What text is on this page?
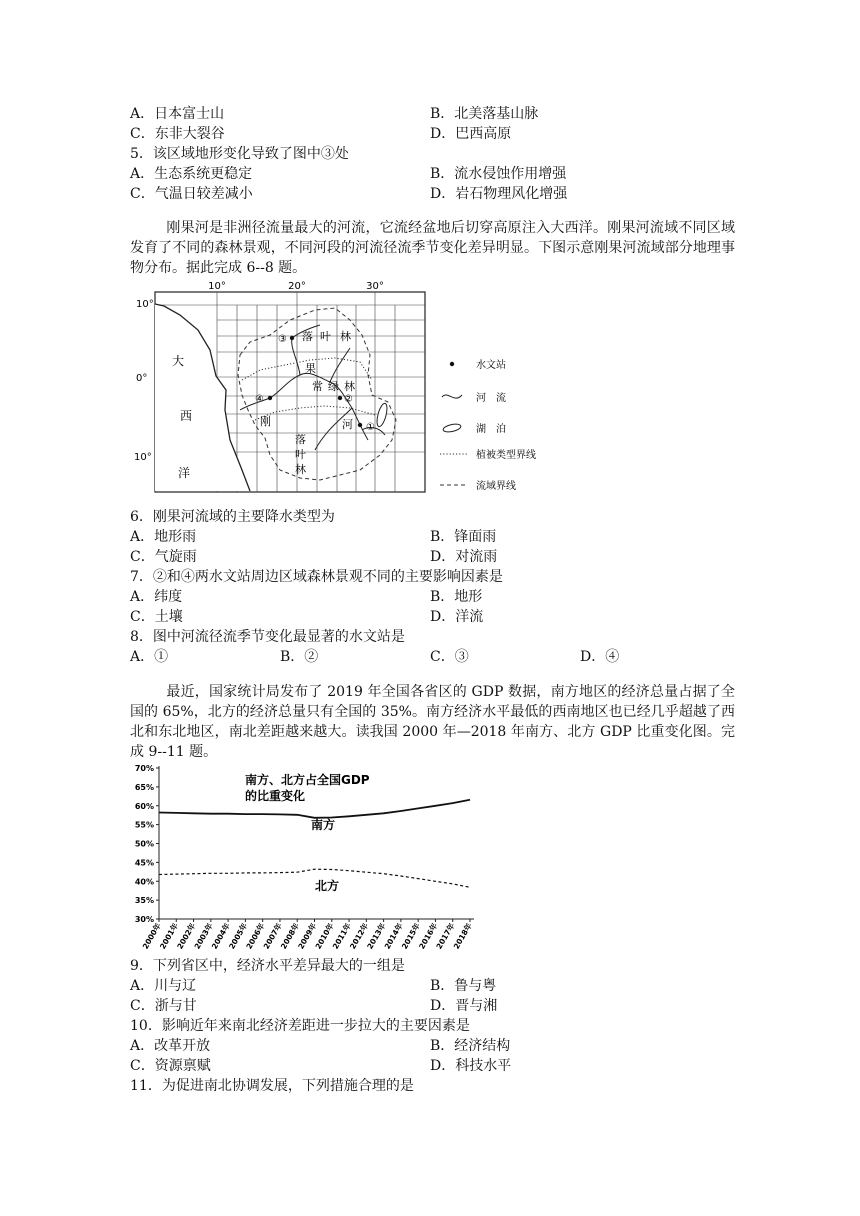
A．日本富士山	B．北美落基山脉
C．东非大裂谷	D．巴西高原
5．该区域地形变化导致了图中③处
A．生态系统更稳定	B．流水侵蚀作用增强
C．气温日较差减小	D．岩石物理风化增强
刚果河是非洲径流量最大的河流，它流经盆地后切穿高原注入大西洋。刚果河流域不同区域发育了不同的森林景观，不同河段的河流径流季节变化差异明显。下图示意刚果河流域部分地理事物分布。据此完成 6--8 题。
10°	20°	30°
10°
0°
10°
大
西
洋
落 叶 林
果
常 绿 林
刚	河
落
叶
林
③
④	②
①
水文站
河　流
湖　泊
植被类型界线
流域界线
6．刚果河流域的主要降水类型为
A．地形雨	B．锋面雨
C．气旋雨	D．对流雨
7．②和④两水文站周边区域森林景观不同的主要影响因素是
A．纬度	B．地形
C．土壤	D．洋流
8．图中河流径流季节变化最显著的水文站是
A．①	B．②	C．③	D．④
最近，国家统计局发布了 2019 年全国各省区的 GDP 数据，南方地区的经济总量占据了全国的 65%，北方的经济总量只有全国的 35%。南方经济水平最低的西南地区也已经几乎超越了西北和东北地区，南北差距越来越大。读我国 2000 年—2018 年南方、北方 GDP 比重变化图。完成 9--11 题。
30%
35%
40%
45%
50%
55%
60%
65%
70%
2000年
2001年
2002年
2003年
2004年
2005年
2006年
2007年
2008年
2009年
2010年
2011年
2012年
2013年
2014年
2015年
2016年
2017年
2018年
南方、北方占全国GDP
的比重变化
南方
北方
9．下列省区中，经济水平差异最大的一组是
A．川与辽	B．鲁与粤
C．浙与甘	D．晋与湘
10．影响近年来南北经济差距进一步拉大的主要因素是
A．改革开放	B．经济结构
C．资源禀赋	D．科技水平
11．为促进南北协调发展，下列措施合理的是
